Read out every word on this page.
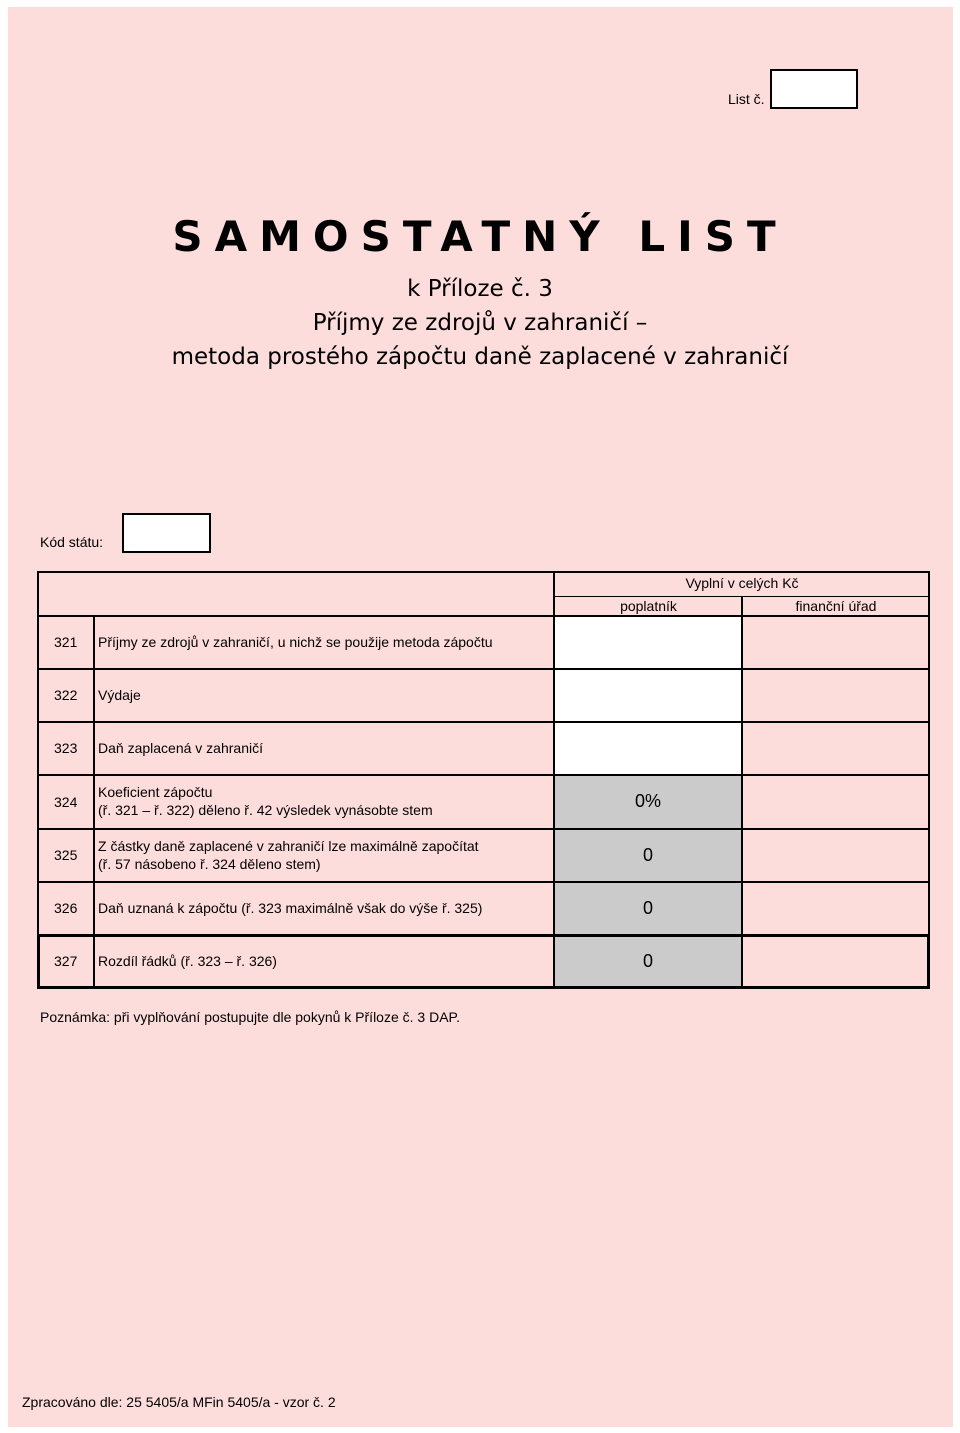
List č.
SAMOSTATNÝ LIST
k Příloze č. 3
Příjmy ze zdrojů v zahraničí –
metoda prostého zápočtu daně zaplacené v zahraničí
Kód státu:
Vyplní v celých Kč
poplatník	finanční úřad
321 Příjmy ze zdrojů v zahraničí, u nichž se použije metoda zápočtu
322 Výdaje
323 Daň zaplacená v zahraničí
324
Koeficient zápočtu
(ř. 321 – ř. 322) děleno ř. 42 výsledek vynásobte stem	0%
325
Z částky daně zaplacené v zahraničí lze maximálně započítat
(ř. 57 násobeno ř. 324 děleno stem)	0
326 Daň uznaná k zápočtu (ř. 323 maximálně však do výše ř. 325)	0
327 Rozdíl řádků (ř. 323 – ř. 326)	0
Poznámka: při vyplňování postupujte dle pokynů k Příloze č. 3 DAP.
Zpracováno dle: 25 5405/a MFin 5405/a - vzor č. 2
